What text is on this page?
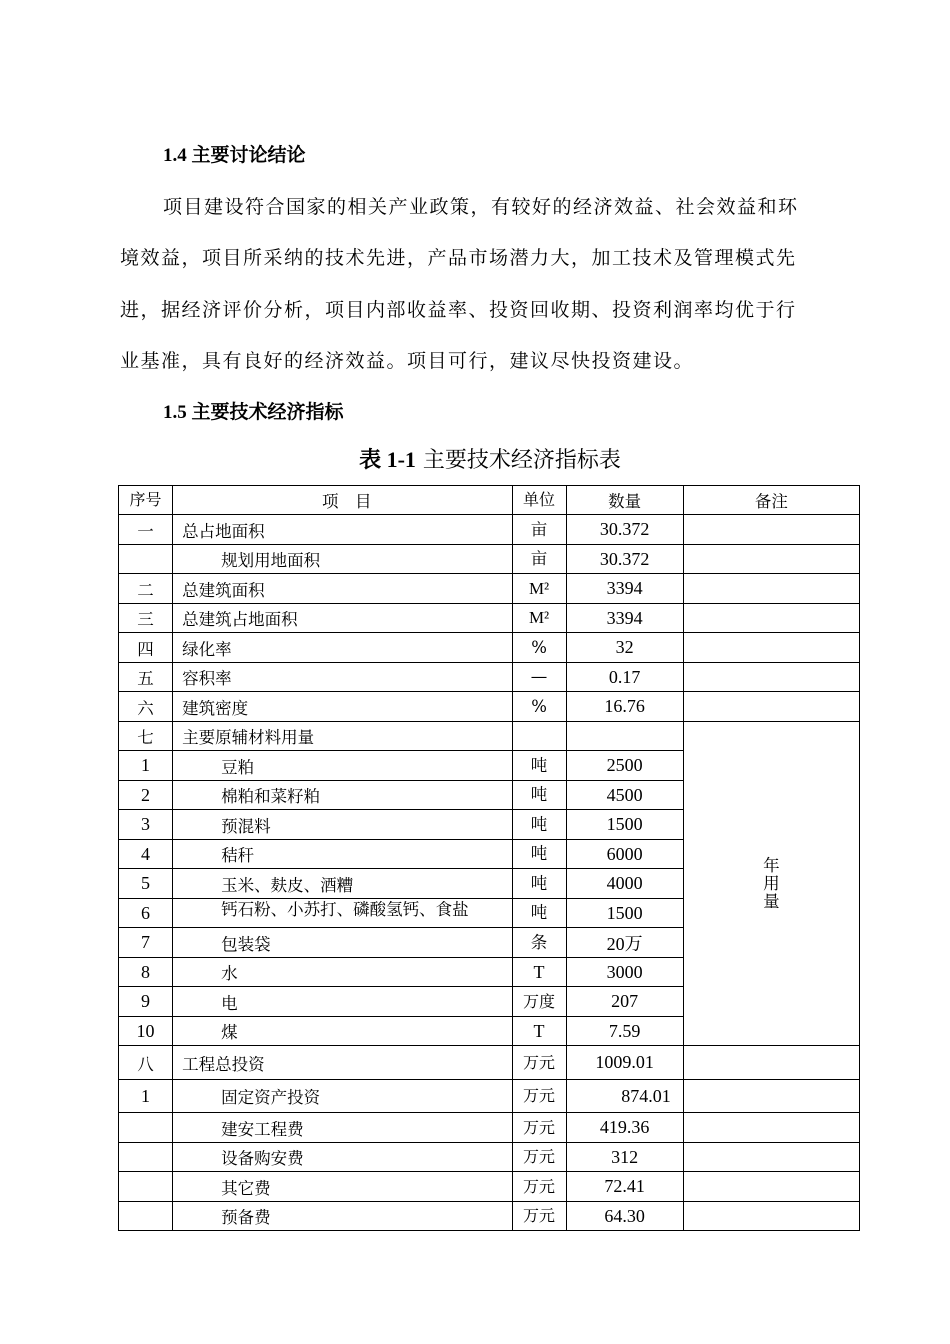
1.4 主要讨论结论
项目建设符合国家的相关产业政策，有较好的经济效益、社会效益和环
境效益，项目所采纳的技术先进，产品市场潜力大，加工技术及管理模式先
进，据经济评价分析，项目内部收益率、投资回收期、投资利润率均优于行
业基准，具有良好的经济效益。项目可行，建议尽快投资建设。
1.5 主要技术经济指标
表 1-1 主要技术经济指标表
序号	项　目	单位	数量	备注
一	总占地面积	亩	30.372	
	规划用地面积	亩	30.372	
二	总建筑面积	M²	3394	
三	总建筑占地面积	M²	3394	
四	绿化率	%	32	
五	容积率	—	0.17	
六	建筑密度	%	16.76	
七	主要原辅材料用量			年用量

1	豆粕	吨	2500	
2	棉粕和菜籽粕	吨	4500	
3	预混料	吨	1500	
4	秸秆	吨	6000	
5	玉米、麸皮、酒糟	吨	4000	
6	钙石粉、小苏打、磷酸氢钙、食盐	吨	1500	
7	包装袋	条	20万	
8	水	T	3000	
9	电	万度	207	
10	煤	T	7.59	
八	工程总投资	万元	1009.01	
1	固定资产投资	万元	874.01	
	建安工程费	万元	419.36	
	设备购安费	万元	312	
	其它费	万元	72.41	
	预备费	万元	64.30	
